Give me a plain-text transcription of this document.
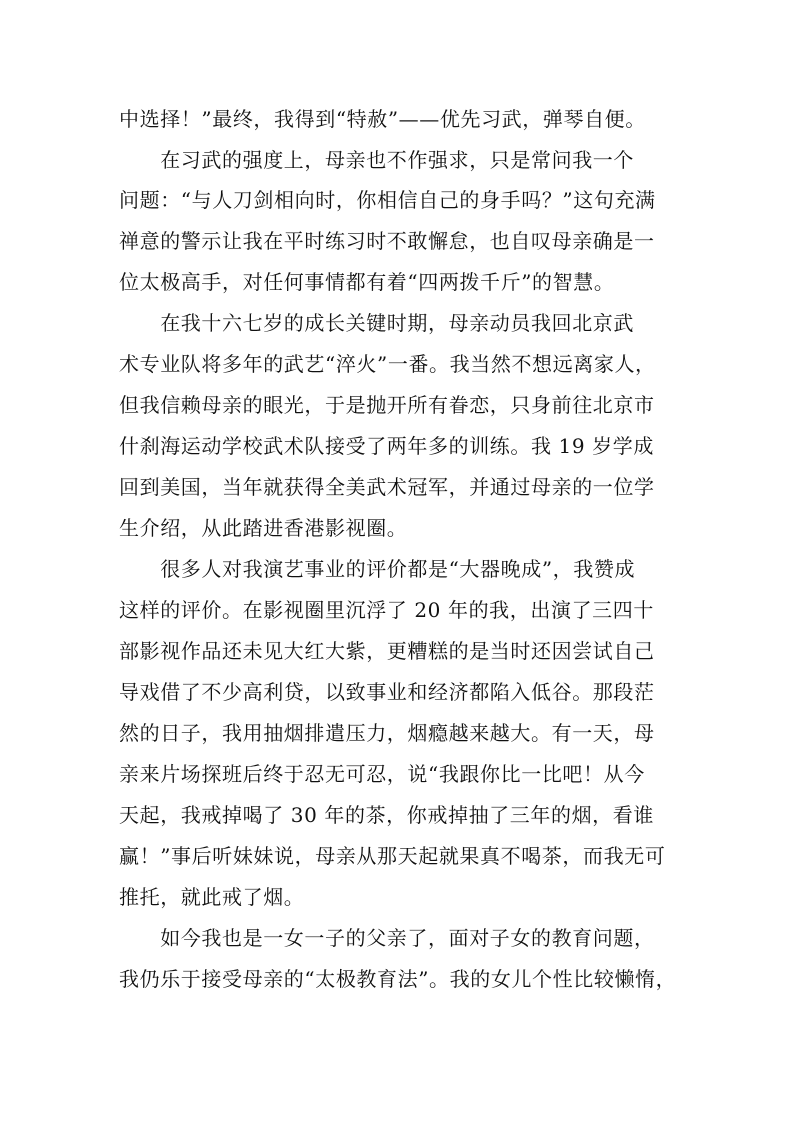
中选择！”最终，我得到“特赦”——优先习武，弹琴自便。
　　在习武的强度上，母亲也不作强求，只是常问我一个
问题：“与人刀剑相向时，你相信自己的身手吗？”这句充满
禅意的警示让我在平时练习时不敢懈怠，也自叹母亲确是一
位太极高手，对任何事情都有着“四两拨千斤”的智慧。
　　在我十六七岁的成长关键时期，母亲动员我回北京武
术专业队将多年的武艺“淬火”一番。我当然不想远离家人，
但我信赖母亲的眼光，于是抛开所有眷恋，只身前往北京市
什刹海运动学校武术队接受了两年多的训练。我 19 岁学成
回到美国，当年就获得全美武术冠军，并通过母亲的一位学
生介绍，从此踏进香港影视圈。
　　很多人对我演艺事业的评价都是“大器晚成”，我赞成
这样的评价。在影视圈里沉浮了 20 年的我，出演了三四十
部影视作品还未见大红大紫，更糟糕的是当时还因尝试自己
导戏借了不少高利贷，以致事业和经济都陷入低谷。那段茫
然的日子，我用抽烟排遣压力，烟瘾越来越大。有一天，母
亲来片场探班后终于忍无可忍，说“我跟你比一比吧！从今
天起，我戒掉喝了 30 年的茶，你戒掉抽了三年的烟，看谁
赢！”事后听妹妹说，母亲从那天起就果真不喝茶，而我无可
推托，就此戒了烟。
　　如今我也是一女一子的父亲了，面对子女的教育问题，
我仍乐于接受母亲的“太极教育法”。我的女儿个性比较懒惰，
